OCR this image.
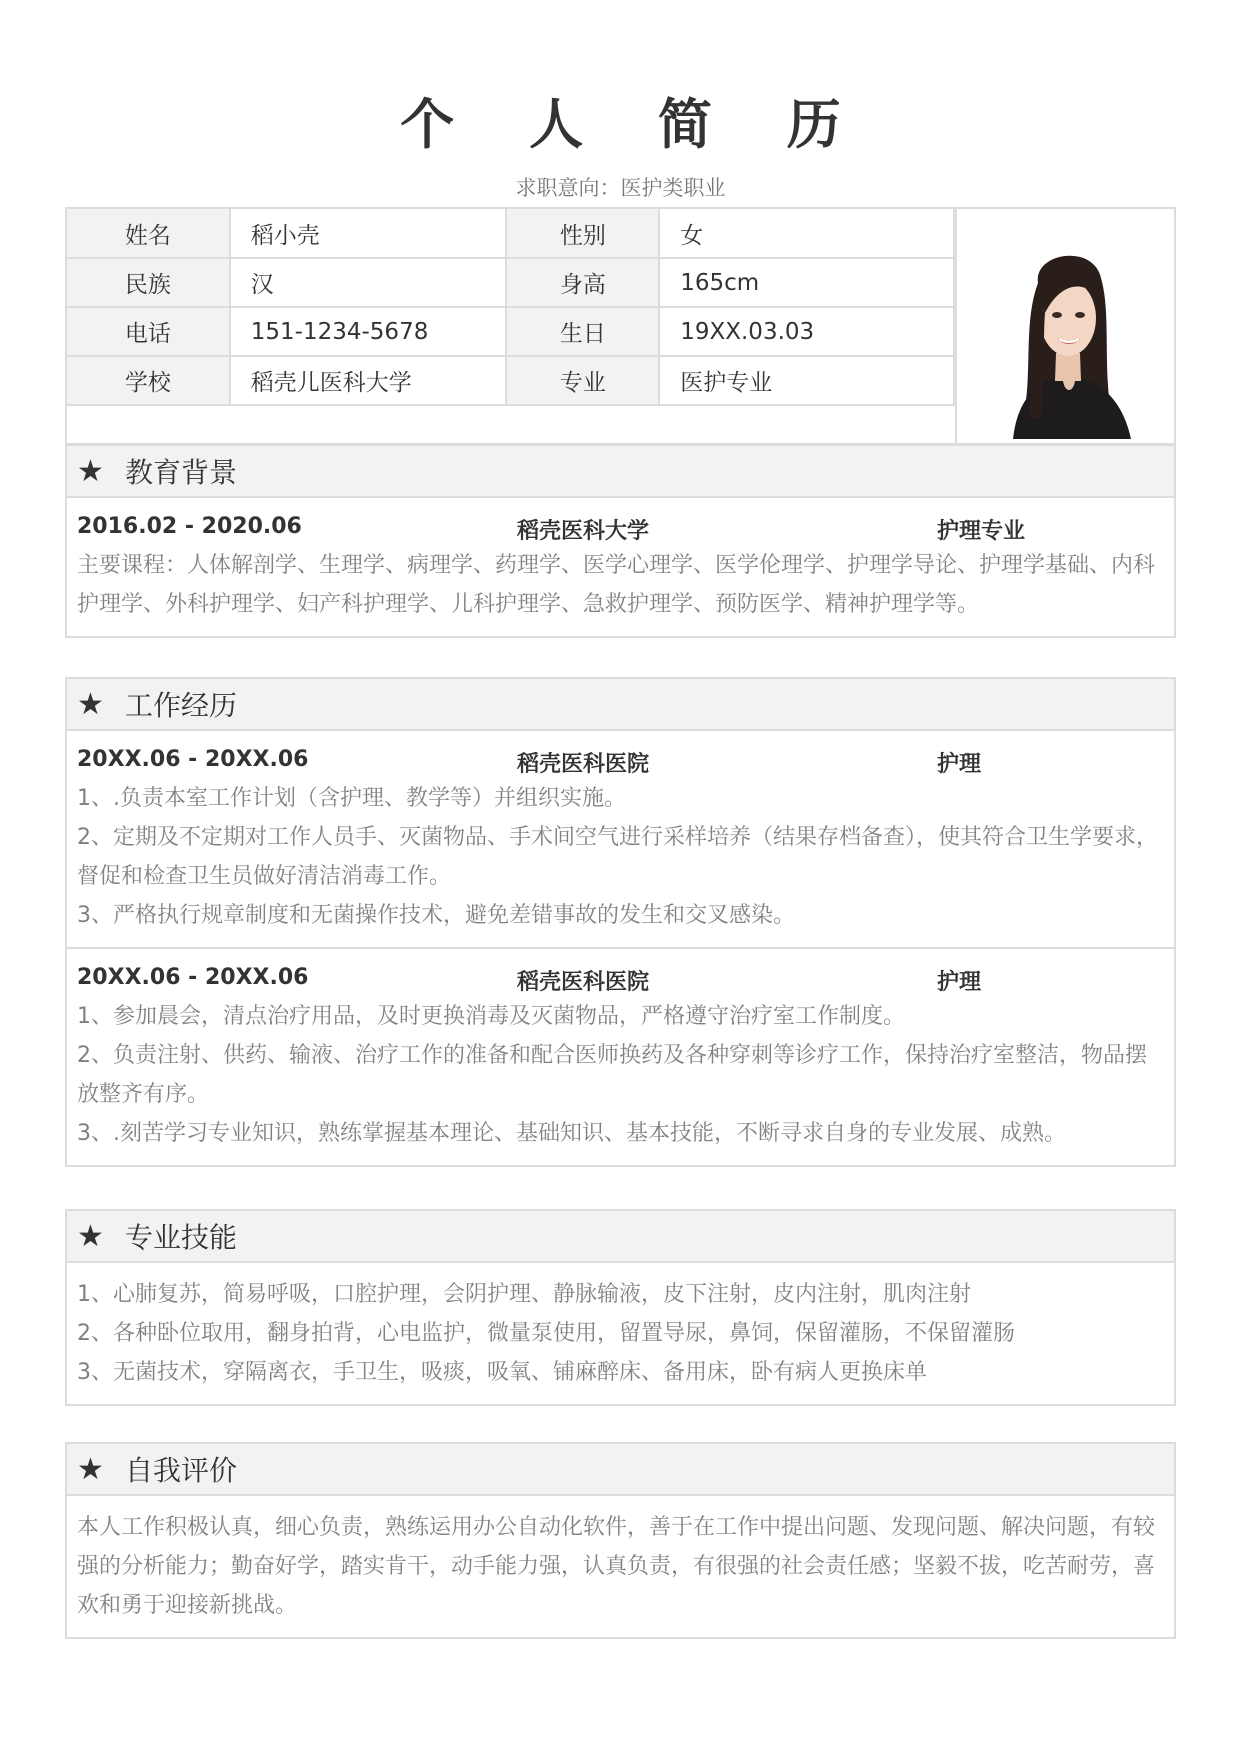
个 人 简 历
求职意向：医护类职业
姓名	稻小壳	性别	女
民族	汉	身高	165cm
电话	151-1234-5678	生日	19XX.03.03
学校	稻壳儿医科大学	专业	医护专业
★ 教育背景
2016.02 - 2020.06	稻壳医科大学	护理专业
主要课程：人体解剖学、生理学、病理学、药理学、医学心理学、医学伦理学、护理学导论、护理学基础、内科护理学、外科护理学、妇产科护理学、儿科护理学、急救护理学、预防医学、精神护理学等。
★ 工作经历
20XX.06 - 20XX.06	稻壳医科医院	护理
1、.负责本室工作计划（含护理、教学等）并组织实施。
2、定期及不定期对工作人员手、灭菌物品、手术间空气进行采样培养（结果存档备查），使其符合卫生学要求，督促和检查卫生员做好清洁消毒工作。
3、严格执行规章制度和无菌操作技术，避免差错事故的发生和交叉感染。
20XX.06 - 20XX.06	稻壳医科医院	护理
1、参加晨会，清点治疗用品，及时更换消毒及灭菌物品，严格遵守治疗室工作制度。
2、负责注射、供药、输液、治疗工作的准备和配合医师换药及各种穿刺等诊疗工作，保持治疗室整洁，物品摆放整齐有序。
3、.刻苦学习专业知识，熟练掌握基本理论、基础知识、基本技能，不断寻求自身的专业发展、成熟。
★ 专业技能
1、心肺复苏，简易呼吸，口腔护理，会阴护理、静脉输液，皮下注射，皮内注射，肌肉注射
2、各种卧位取用，翻身拍背，心电监护，微量泵使用，留置导尿，鼻饲，保留灌肠，不保留灌肠
3、无菌技术，穿隔离衣，手卫生，吸痰，吸氧、铺麻醉床、备用床，卧有病人更换床单
★ 自我评价
本人工作积极认真，细心负责，熟练运用办公自动化软件，善于在工作中提出问题、发现问题、解决问题，有较强的分析能力；勤奋好学，踏实肯干，动手能力强，认真负责，有很强的社会责任感；坚毅不拔，吃苦耐劳，喜欢和勇于迎接新挑战。
